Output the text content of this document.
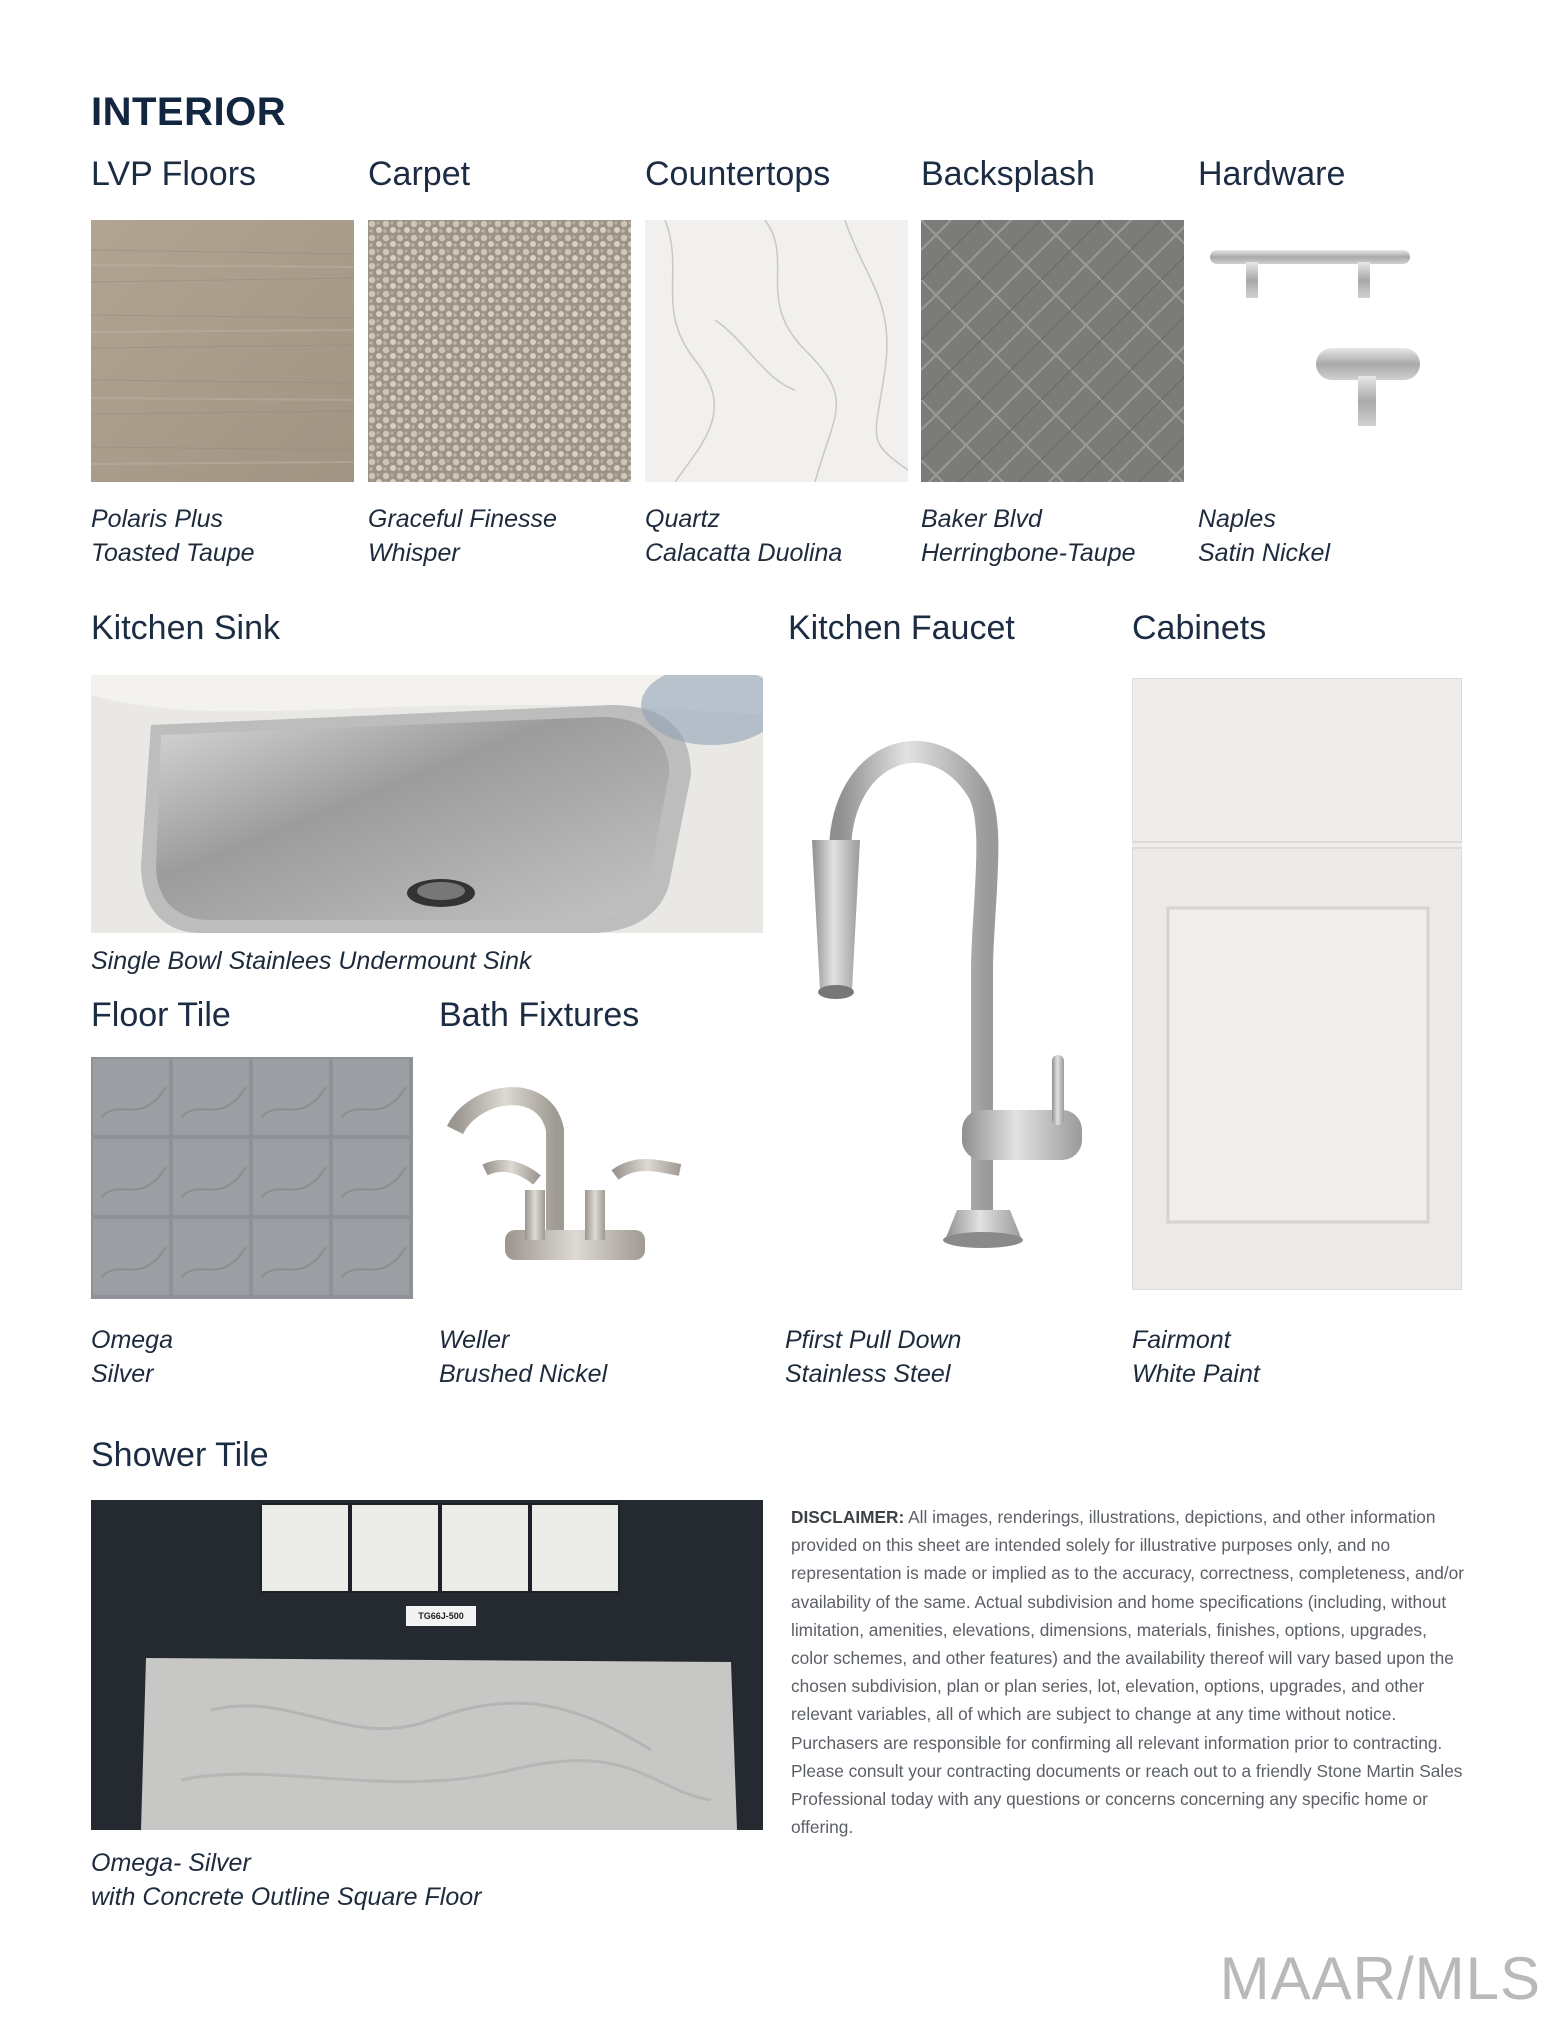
INTERIOR
LVP Floors	Carpet	Countertops	Backsplash	Hardware
Polaris Plus
Toasted Taupe
Graceful Finesse
Whisper
Quartz
Calacatta Duolina
Baker Blvd
Herringbone-Taupe
Naples
Satin Nickel
Kitchen Sink	Kitchen Faucet	Cabinets
Single Bowl Stainlees Undermount Sink
Floor Tile	Bath Fixtures
Omega
Silver
Weller
Brushed Nickel
Pfirst Pull Down
Stainless Steel
Fairmont
White Paint
Shower Tile
TG66J-500
Omega- Silver
with Concrete Outline Square Floor
DISCLAIMER: All images, renderings, illustrations, depictions, and other information provided on this sheet are intended solely for illustrative purposes only, and no representation is made or implied as to the accuracy, correctness, completeness, and/or availability of the same. Actual subdivision and home specifications (including, without limitation, amenities, elevations, dimensions, materials, finishes, options, upgrades, color schemes, and other features) and the availability thereof will vary based upon the chosen subdivision, plan or plan series, lot, elevation, options, upgrades, and other relevant variables, all of which are subject to change at any time without notice. Purchasers are responsible for confirming all relevant information prior to contracting. Please consult your contracting documents or reach out to a friendly Stone Martin Sales Professional today with any questions or concerns concerning any specific home or offering.
MAAR/MLS
